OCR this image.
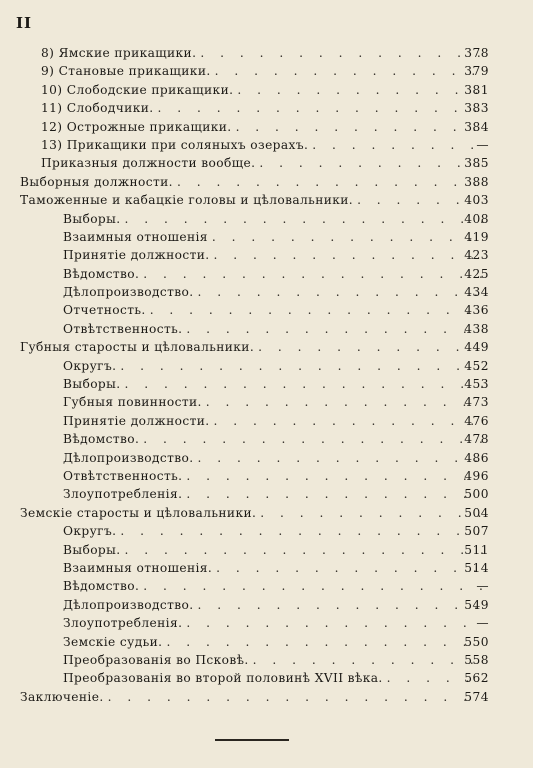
II
8) Ямские прикащики. . . .	378
9) Становые прикащики. . . .	379
10) Слободские прикащики. . . .	381
11) Слободчики. . . .	383
12) Острожные прикащики. . . .	384
13) Прикащики при соляныхъ озерахъ. . . .	—
Приказныя должности вообще. . . .	385
Выборныя должности. . . .	388
Таможенные и кабацкіе головы и цѣловальники. . . .	403
Выборы. . . .	408
Взаимныя отношенія . . .	419
Принятіе должности. . . .	423
Вѣдомство. . . .	425
Дѣлопроизводство. . . .	434
Отчетность. . . .	436
Отвѣтственность. . . .	438
Губныя старосты и цѣловальники. . . .	449
Округъ. . . .	452
Выборы. . . .	453
Губныя повинности. . . .	473
Принятіе должности. . . .	476
Вѣдомство. . . .	478
Дѣлопроизводство. . . .	486
Отвѣтственность. . . .	496
Злоупотребленія. . . .	500
Земскіе старосты и цѣловальники. . . .	504
Округъ. . . .	507
Выборы. . . .	511
Взаимныя отношенія. . . .	514
Вѣдомство. . . .	—
Дѣлопроизводство. . . .	549
Злоупотребленія. . . .	—
Земскіе судьи. . . .	550
Преобразованія во Псковѣ. . . .	558
Преобразованія во второй половинѣ XVII вѣка. . . .	562
Заключеніе. . . .	574
